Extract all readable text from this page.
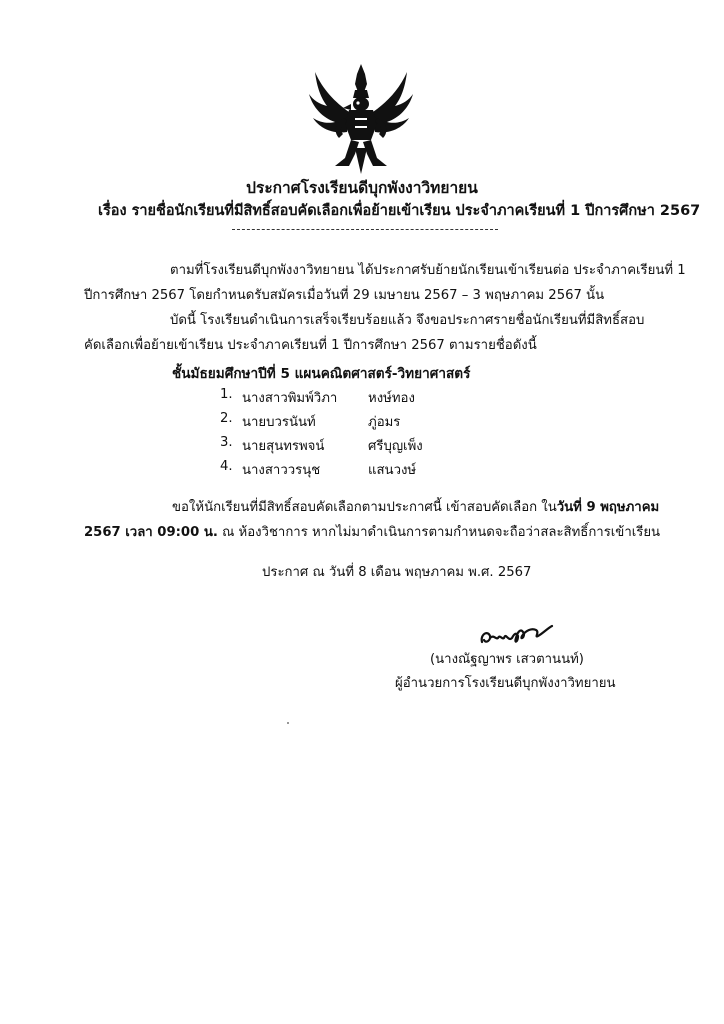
ประกาศโรงเรียนดีบุกพังงาวิทยายน
เรื่อง รายชื่อนักเรียนที่มีสิทธิ์สอบคัดเลือกเพื่อย้ายเข้าเรียน ประจำภาคเรียนที่ 1 ปีการศึกษา 2567
ตามที่โรงเรียนดีบุกพังงาวิทยายน ได้ประกาศรับย้ายนักเรียนเข้าเรียนต่อ ประจำภาคเรียนที่ 1
ปีการศึกษา 2567 โดยกำหนดรับสมัครเมื่อวันที่ 29 เมษายน 2567 – 3 พฤษภาคม 2567 นั้น
บัดนี้ โรงเรียนดำเนินการเสร็จเรียบร้อยแล้ว จึงขอประกาศรายชื่อนักเรียนที่มีสิทธิ์สอบ
คัดเลือกเพื่อย้ายเข้าเรียน ประจำภาคเรียนที่ 1 ปีการศึกษา 2567 ตามรายชื่อดังนี้
ชั้นมัธยมศึกษาปีที่ 5 แผนคณิตศาสตร์-วิทยาศาสตร์
1. นางสาวพิมพ์วิภา หงษ์ทอง
2. นายบวรนันท์	ภู่อมร
3. นายสุนทรพจน์	ศรีบุญเพ็ง
4. นางสาววรนุช	แสนวงษ์
ขอให้นักเรียนที่มีสิทธิ์สอบคัดเลือกตามประกาศนี้ เข้าสอบคัดเลือก ในวันที่ 9 พฤษภาคม
2567 เวลา 09:00 น. ณ ห้องวิชาการ หากไม่มาดำเนินการตามกำหนดจะถือว่าสละสิทธิ์การเข้าเรียน
ประกาศ ณ วันที่ 8 เดือน พฤษภาคม พ.ศ. 2567
(นางณัฐญาพร เสวตานนท์)
ผู้อำนวยการโรงเรียนดีบุกพังงาวิทยายน
